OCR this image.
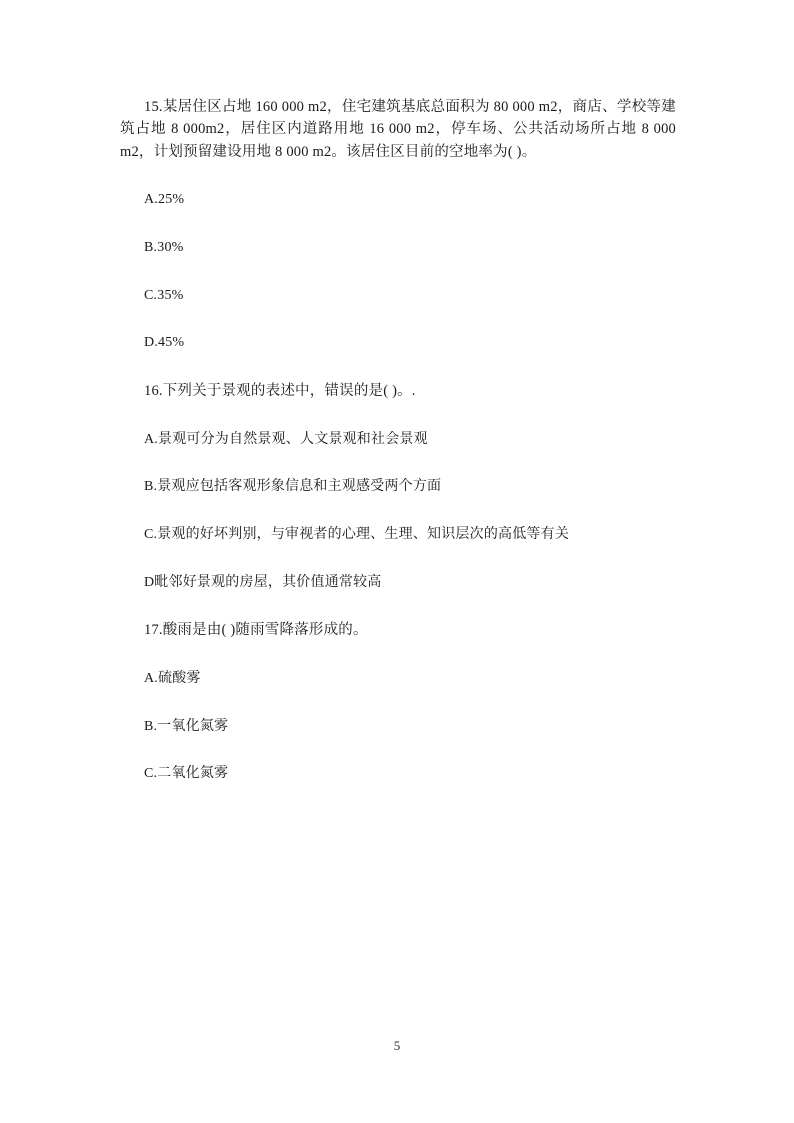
15.某居住区占地 160 000 m2，住宅建筑基底总面积为 80 000 m2，商店、学校等建筑占地 8 000m2，居住区内道路用地 16 000 m2，停车场、公共活动场所占地 8 000 m2，计划预留建设用地 8 000 m2。该居住区目前的空地率为( )。

A.25%

B.30%

C.35%

D.45%

16.下列关于景观的表述中，错误的是( )。.

A.景观可分为自然景观、人文景观和社会景观

B.景观应包括客观形象信息和主观感受两个方面

C.景观的好坏判别，与审视者的心理、生理、知识层次的高低等有关

D毗邻好景观的房屋，其价值通常较高

17.酸雨是由( )随雨雪降落形成的。

A.硫酸雾

B.一氧化氮雾

C.二氧化氮雾

5
